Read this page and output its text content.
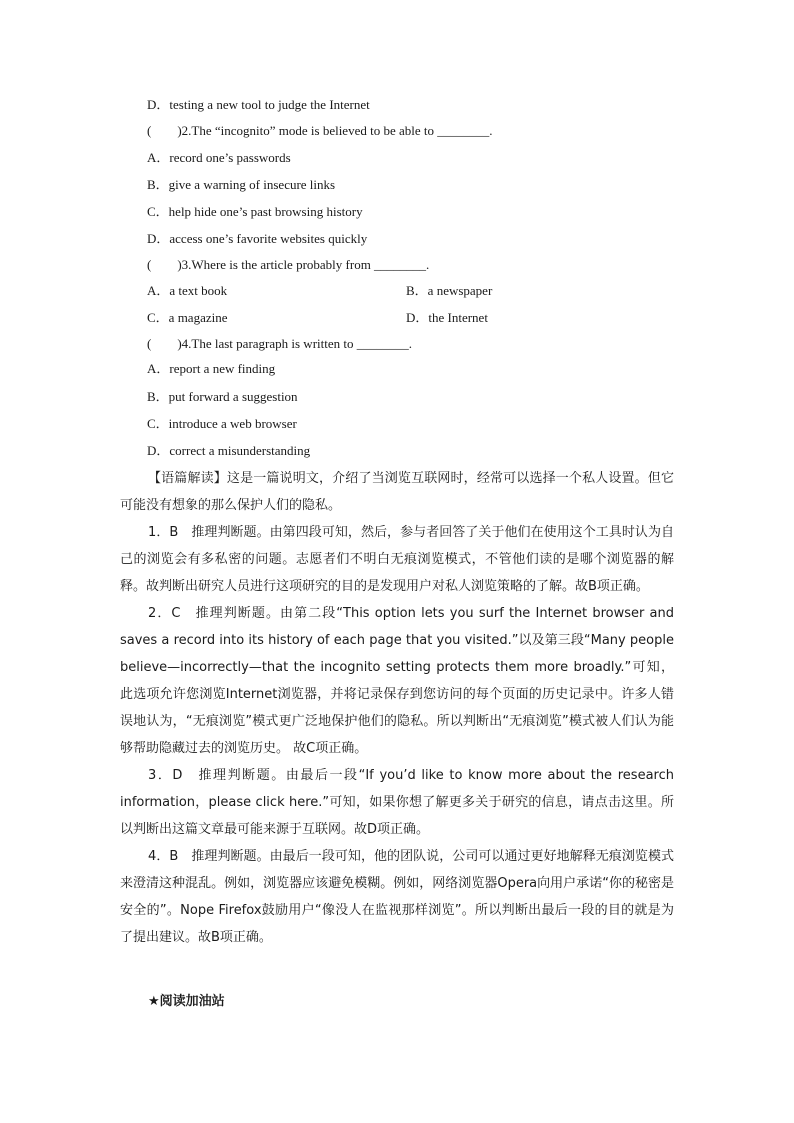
D．testing a new tool to judge the Internet
(　　)2.The “incognito” mode is believed to be able to ________.
A．record one’s passwords
B．give a warning of insecure links
C．help hide one’s past browsing history
D．access one’s favorite websites quickly
(　　)3.Where is the article probably from ________.
A．a text book	B．a newspaper
C．a magazine	D．the Internet
(　　)4.The last paragraph is written to ________.
A．report a new finding
B．put forward a suggestion
C．introduce a web browser
D．correct a misunderstanding

【语篇解读】这是一篇说明文，介绍了当浏览互联网时，经常可以选择一个私人设置。但它可能没有想象的那么保护人们的隐私。

1．B　推理判断题。由第四段可知，然后，参与者回答了关于他们在使用这个工具时认为自己的浏览会有多私密的问题。志愿者们不明白无痕浏览模式，不管他们读的是哪个浏览器的解释。故判断出研究人员进行这项研究的目的是发现用户对私人浏览策略的了解。故B项正确。

2．C　推理判断题。由第二段“This option lets you surf the Internet browser and saves a record into its history of each page that you visited.”以及第三段“Many people believe—incorrectly—that the incognito setting protects them more broadly.”可知，此选项允许您浏览Internet浏览器，并将记录保存到您访问的每个页面的历史记录中。许多人错误地认为，“无痕浏览”模式更广泛地保护他们的隐私。所以判断出“无痕浏览”模式被人们认为能够帮助隐藏过去的浏览历史。 故C项正确。

3．D　推理判断题。由最后一段“If you’d like to know more about the research information，please click here.”可知，如果你想了解更多关于研究的信息，请点击这里。所以判断出这篇文章最可能来源于互联网。故D项正确。

4．B　推理判断题。由最后一段可知，他的团队说，公司可以通过更好地解释无痕浏览模式来澄清这种混乱。例如，浏览器应该避免模糊。例如，网络浏览器Opera向用户承诺“你的秘密是安全的”。Nope Firefox鼓励用户“像没人在监视那样浏览”。所以判断出最后一段的目的就是为了提出建议。故B项正确。

★阅读加油站
